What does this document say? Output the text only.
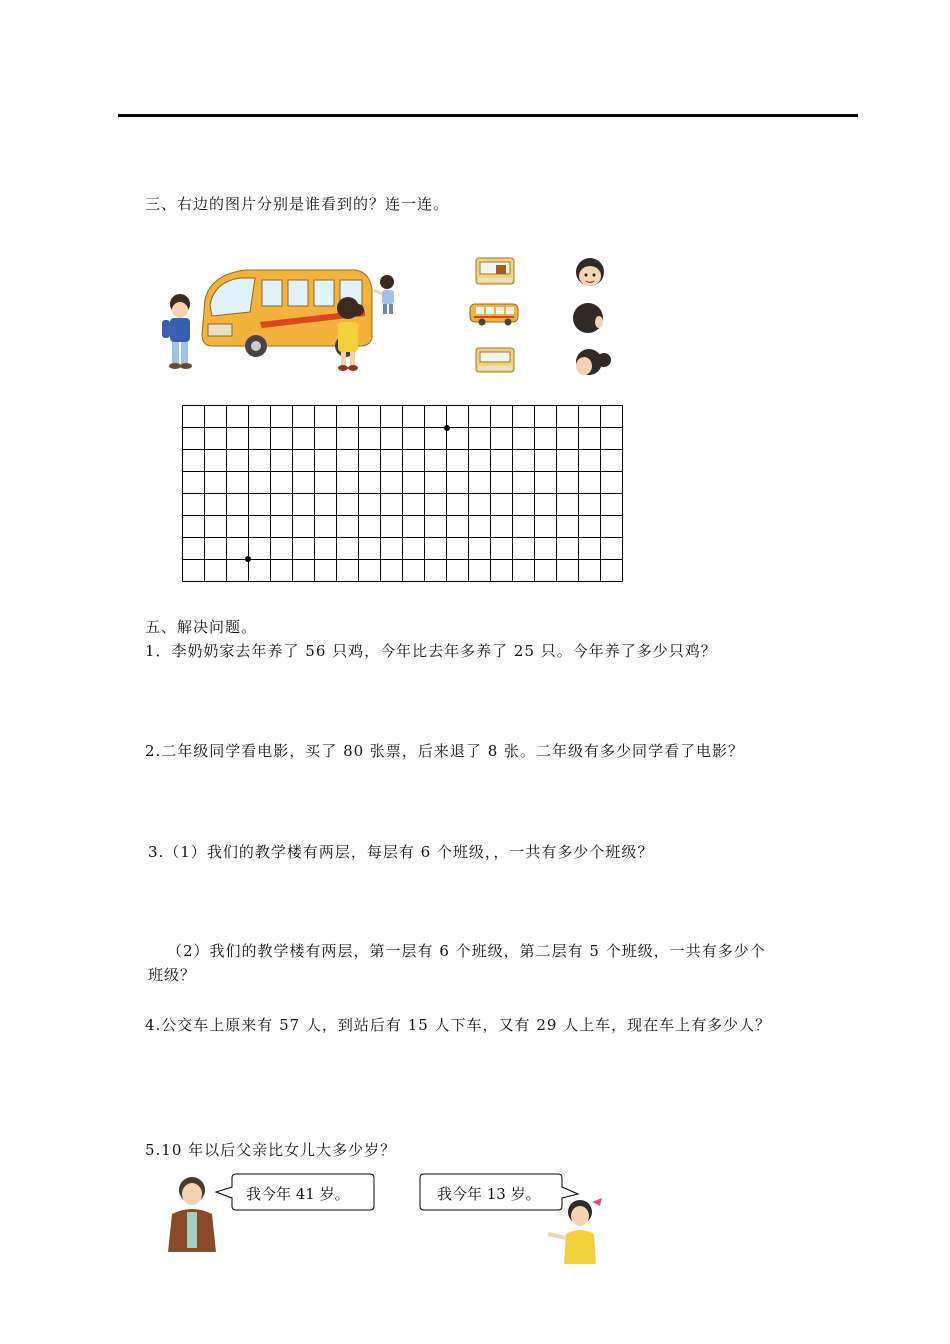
三、右边的图片分别是谁看到的？连一连。
五、解决问题。
1．李奶奶家去年养了 56 只鸡，今年比去年多养了 25 只。今年养了多少只鸡？
2.二年级同学看电影，买了 80 张票，后来退了 8 张。二年级有多少同学看了电影？
3.（1）我们的教学楼有两层，每层有 6 个班级，，一共有多少个班级？
（2）我们的教学楼有两层，第一层有 6 个班级，第二层有 5 个班级，一共有多少个
班级？
4.公交车上原来有 57 人，到站后有 15 人下车，又有 29 人上车，现在车上有多少人？
5.10 年以后父亲比女儿大多少岁？
我今年 41 岁。	我今年 13 岁。
